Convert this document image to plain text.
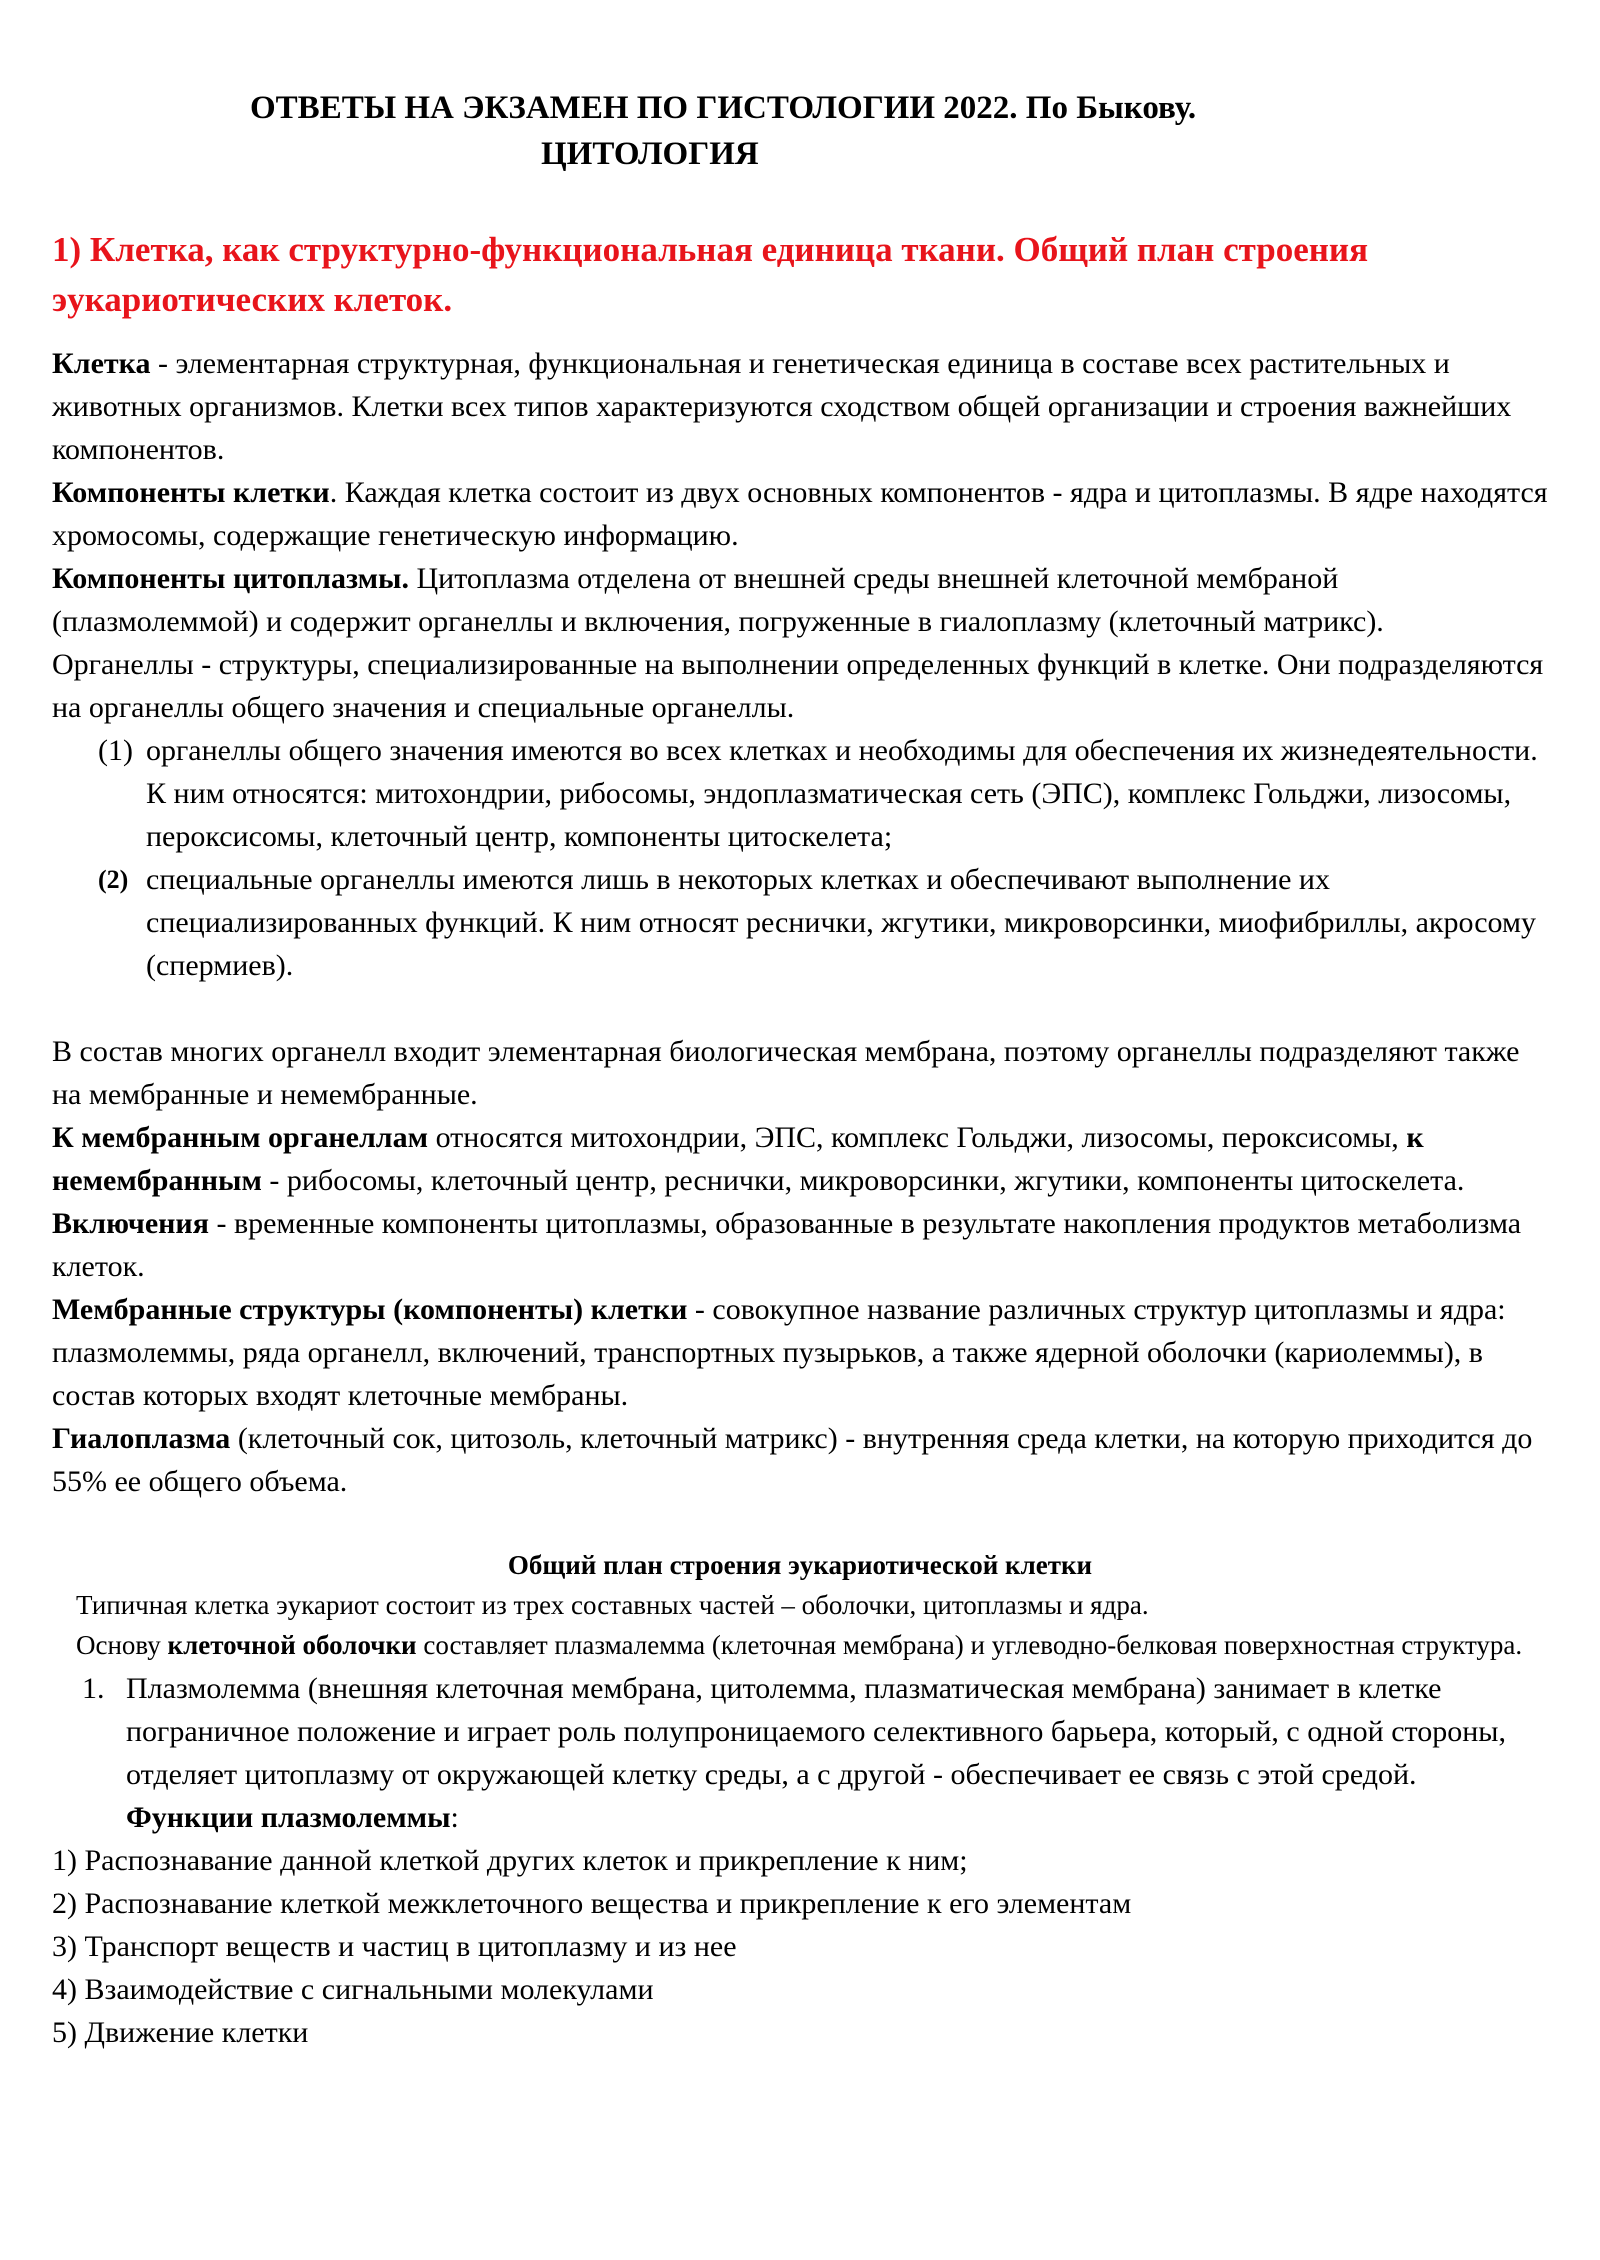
ОТВЕТЫ НА ЭКЗАМЕН ПО ГИСТОЛОГИИ 2022. По Быкову.
ЦИТОЛОГИЯ
1) Клетка, как структурно-функциональная единица ткани. Общий план строения эукариотических клеток.

Клетка - элементарная структурная, функциональная и генетическая единица в составе всех растительных и животных организмов. Клетки всех типов характеризуются сходством общей организации и строения важнейших компонентов.

Компоненты клетки. Каждая клетка состоит из двух основных компонентов - ядра и цитоплазмы. В ядре находятся хромосомы, содержащие генетическую информацию.

Компоненты цитоплазмы. Цитоплазма отделена от внешней среды внешней клеточной мембраной (плазмолеммой) и содержит органеллы и включения, погруженные в гиалоплазму (клеточный матрикс).

Органеллы - структуры, специализированные на выполнении определенных функций в клетке. Они подразделяются на органеллы общего значения и специальные органеллы.

(1) органеллы общего значения имеются во всех клетках и необходимы для обеспечения их жизнедеятельности. К ним относятся: митохондрии, рибосомы, эндоплазматическая сеть (ЭПС), комплекс Гольджи, лизосомы, пероксисомы, клеточный центр, компоненты цитоскелета;
(2) специальные органеллы имеются лишь в некоторых клетках и обеспечивают выполнение их специализированных функций. К ним относят реснички, жгутики, микроворсинки, миофибриллы, акросому (спермиев).

В состав многих органелл входит элементарная биологическая мембрана, поэтому органеллы подразделяют также на мембранные и немембранные.

К мембранным органеллам относятся митохондрии, ЭПС, комплекс Гольджи, лизосомы, пероксисомы, к немембранным - рибосомы, клеточный центр, реснички, микроворсинки, жгутики, компоненты цитоскелета.

Включения - временные компоненты цитоплазмы, образованные в результате накопления продуктов метаболизма клеток.

Мембранные структуры (компоненты) клетки - совокупное название различных структур цитоплазмы и ядра: плазмолеммы, ряда органелл, включений, транспортных пузырьков, а также ядерной оболочки (кариолеммы), в состав которых входят клеточные мембраны.

Гиалоплазма (клеточный сок, цитозоль, клеточный матрикс) - внутренняя среда клетки, на которую приходится до 55% ее общего объема.

Общий план строения эукариотической клетки

Типичная клетка эукариот состоит из трех составных частей – оболочки, цитоплазмы и ядра.

Основу клеточной оболочки составляет плазмалемма (клеточная мембрана) и углеводно-белковая поверхностная структура.

1. Плазмолемма (внешняя клеточная мембрана, цитолемма, плазматическая мембрана) занимает в клетке пограничное положение и играет роль полупроницаемого селективного барьера, который, с одной стороны, отделяет цитоплазму от окружающей клетку среды, а с другой - обеспечивает ее связь с этой средой.
Функции плазмолеммы:

1) Распознавание данной клеткой других клеток и прикрепление к ним;

2) Распознавание клеткой межклеточного вещества и прикрепление к его элементам

3) Транспорт веществ и частиц в цитоплазму и из нее

4) Взаимодействие с сигнальными молекулами

5) Движение клетки
